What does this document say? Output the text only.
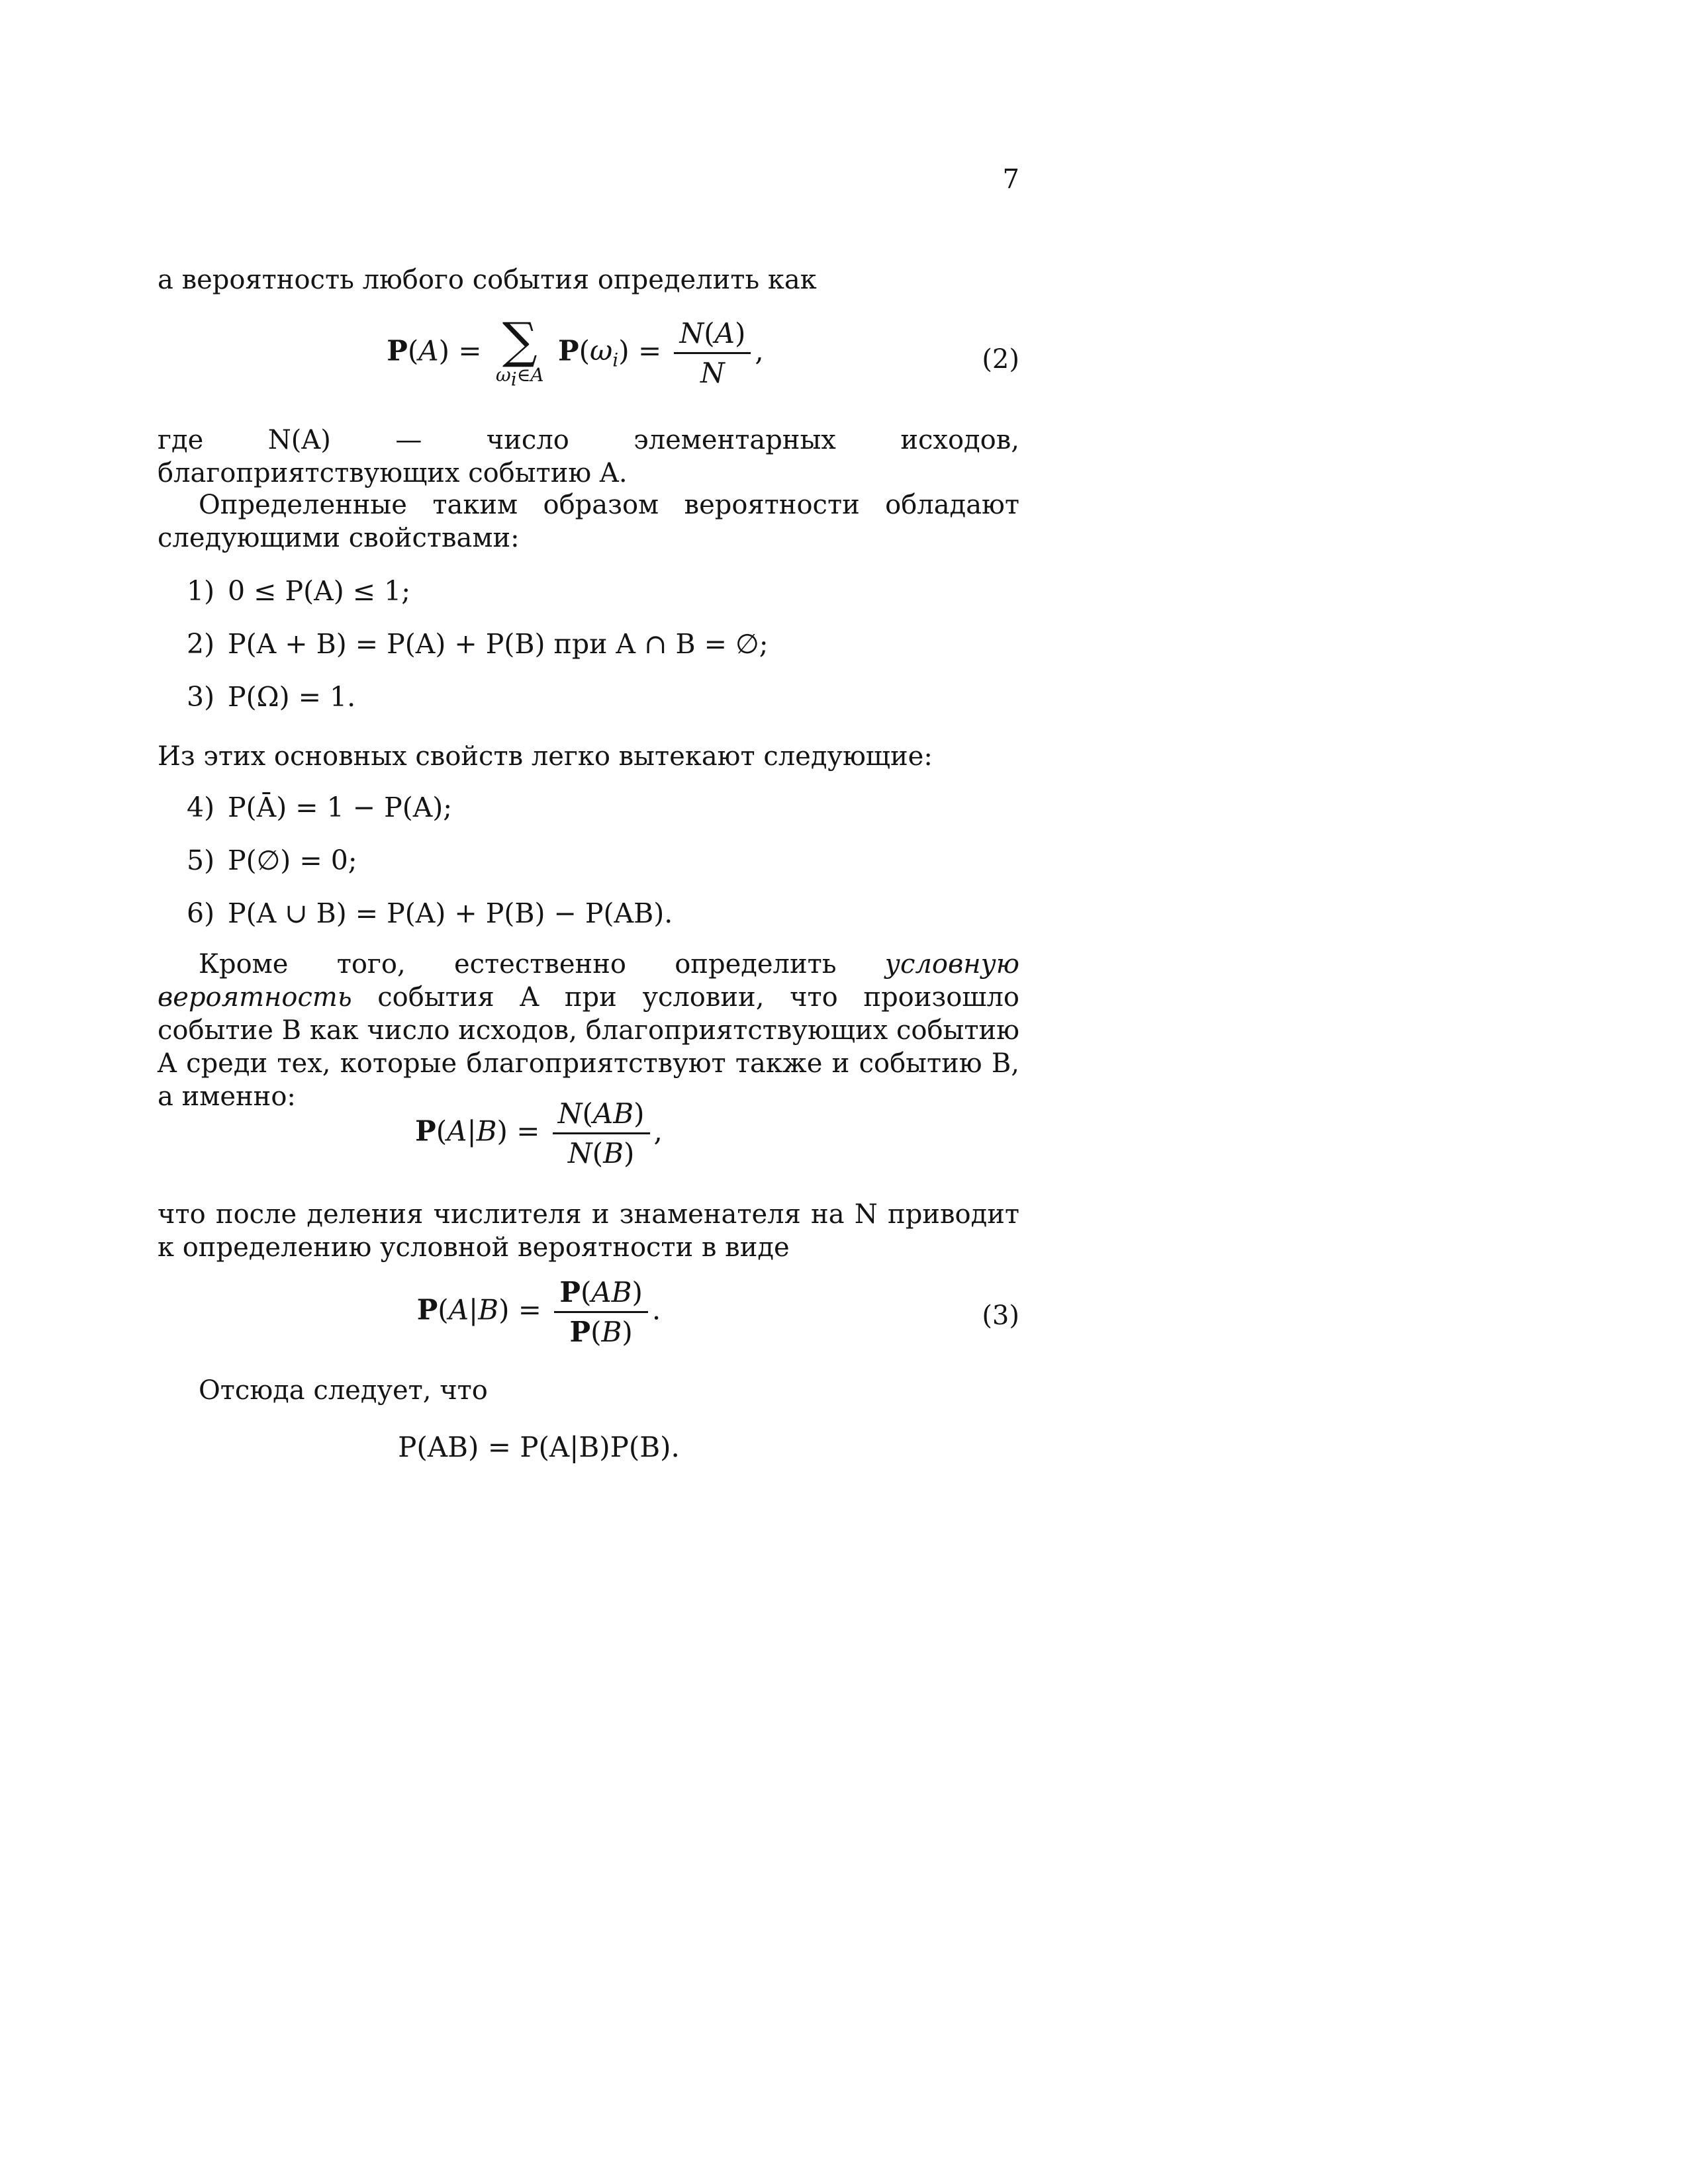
7
а вероятность любого события определить как
P(A) = ∑
$\omega_i\in A$
$P(\omega_i) = \frac{N(A)}{N}$ ,	(2)
где N(A) — число элементарных исходов, благоприятствующих событию A.
Определенные таким образом вероятности обладают следующими свойствами:
1) 0 ≤ P(A) ≤ 1;
2) P(A + B) = P(A) + P(B) при A ∩ B = ∅;
3) P(Ω) = 1.
Из этих основных свойств легко вытекают следующие:
4) P(Ā) = 1 − P(A);
5) P(∅) = 0;
6) P(A ∪ B) = P(A) + P(B) − P(AB).
Кроме того, естественно определить условную вероятность события A при условии, что произошло событие B как число исходов, благоприятствующих событию A среди тех, которые благоприятствуют также и событию B, а именно:
$P(A|B) = \frac{N(AB)}{N(B)}$ ,
что после деления числителя и знаменателя на N приводит к определению условной вероятности в виде
$P(A|B) = \frac{P(AB)}{P(B)}$ .	(3)
Отсюда следует, что
P(AB) = P(A|B)P(B).
